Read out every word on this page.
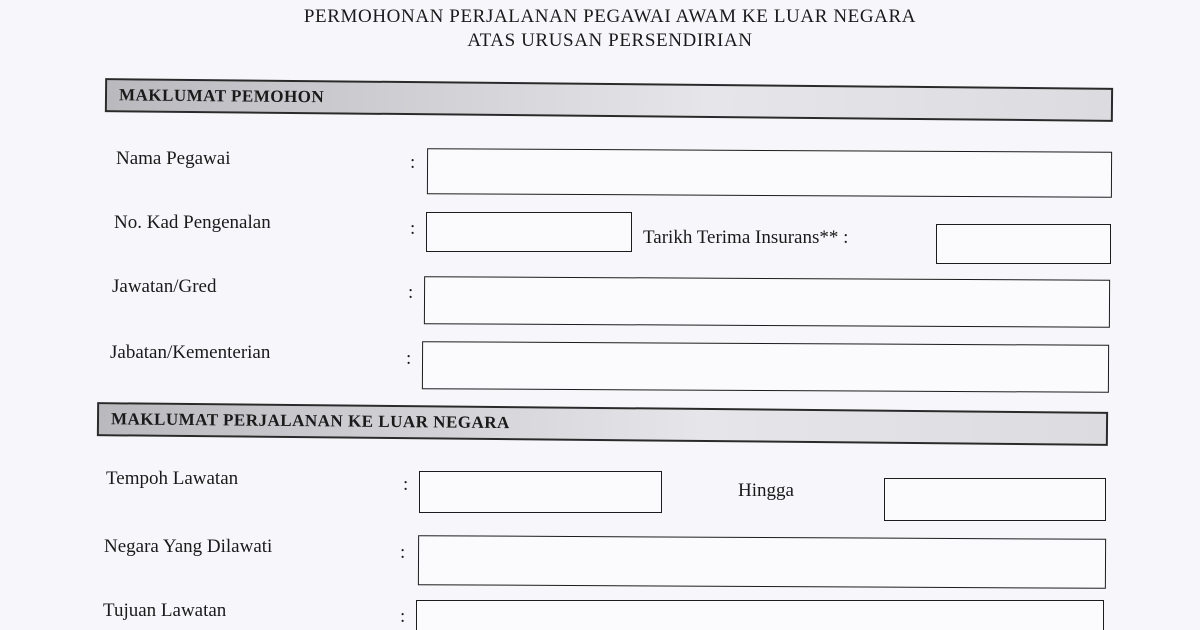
PERMOHONAN PERJALANAN PEGAWAI AWAM KE LUAR NEGARA
ATAS URUSAN PERSENDIRIAN
MAKLUMAT PEMOHON
Nama Pegawai	:
No. Kad Pengenalan	:	Tarikh Terima Insurans** :
Jawatan/Gred	:
Jabatan/Kementerian	:
MAKLUMAT PERJALANAN KE LUAR NEGARA
Tempoh Lawatan	:	Hingga
Negara Yang Dilawati	:
Tujuan Lawatan	:
